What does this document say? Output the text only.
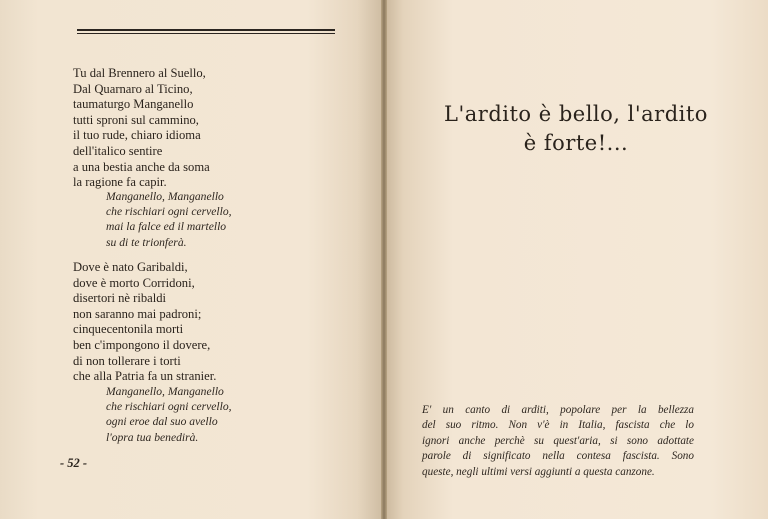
Tu dal Brennero al Suello,
Dal Quarnaro al Ticino,
taumaturgo Manganello
tutti sproni sul cammino,
il tuo rude, chiaro idioma
dell'italico sentire
a una bestia anche da soma
la ragione fa capir.
Manganello, Manganello
che rischiari ogni cervello,
mai la falce ed il martello
su di te trionferà.
Dove è nato Garibaldi,
dove è morto Corridoni,
disertori nè ribaldi
non saranno mai padroni;
cinquecentonila morti
ben c'impongono il dovere,
di non tollerare i torti
che alla Patria fa un stranier.
Manganello, Manganello
che rischiari ogni cervello,
ogni eroe dal suo avello
l'opra tua benedirà.
- 52 -
L'ardito è bello, l'ardito
è forte!...
E' un canto di arditi, popolare per la bellezza
del suo ritmo. Non v'è in Italia, fascista che lo
ignori anche perchè su quest'aria, si sono adottate
parole di significato nella contesa fascista. Sono
queste, negli ultimi versi aggiunti a questa canzone.
